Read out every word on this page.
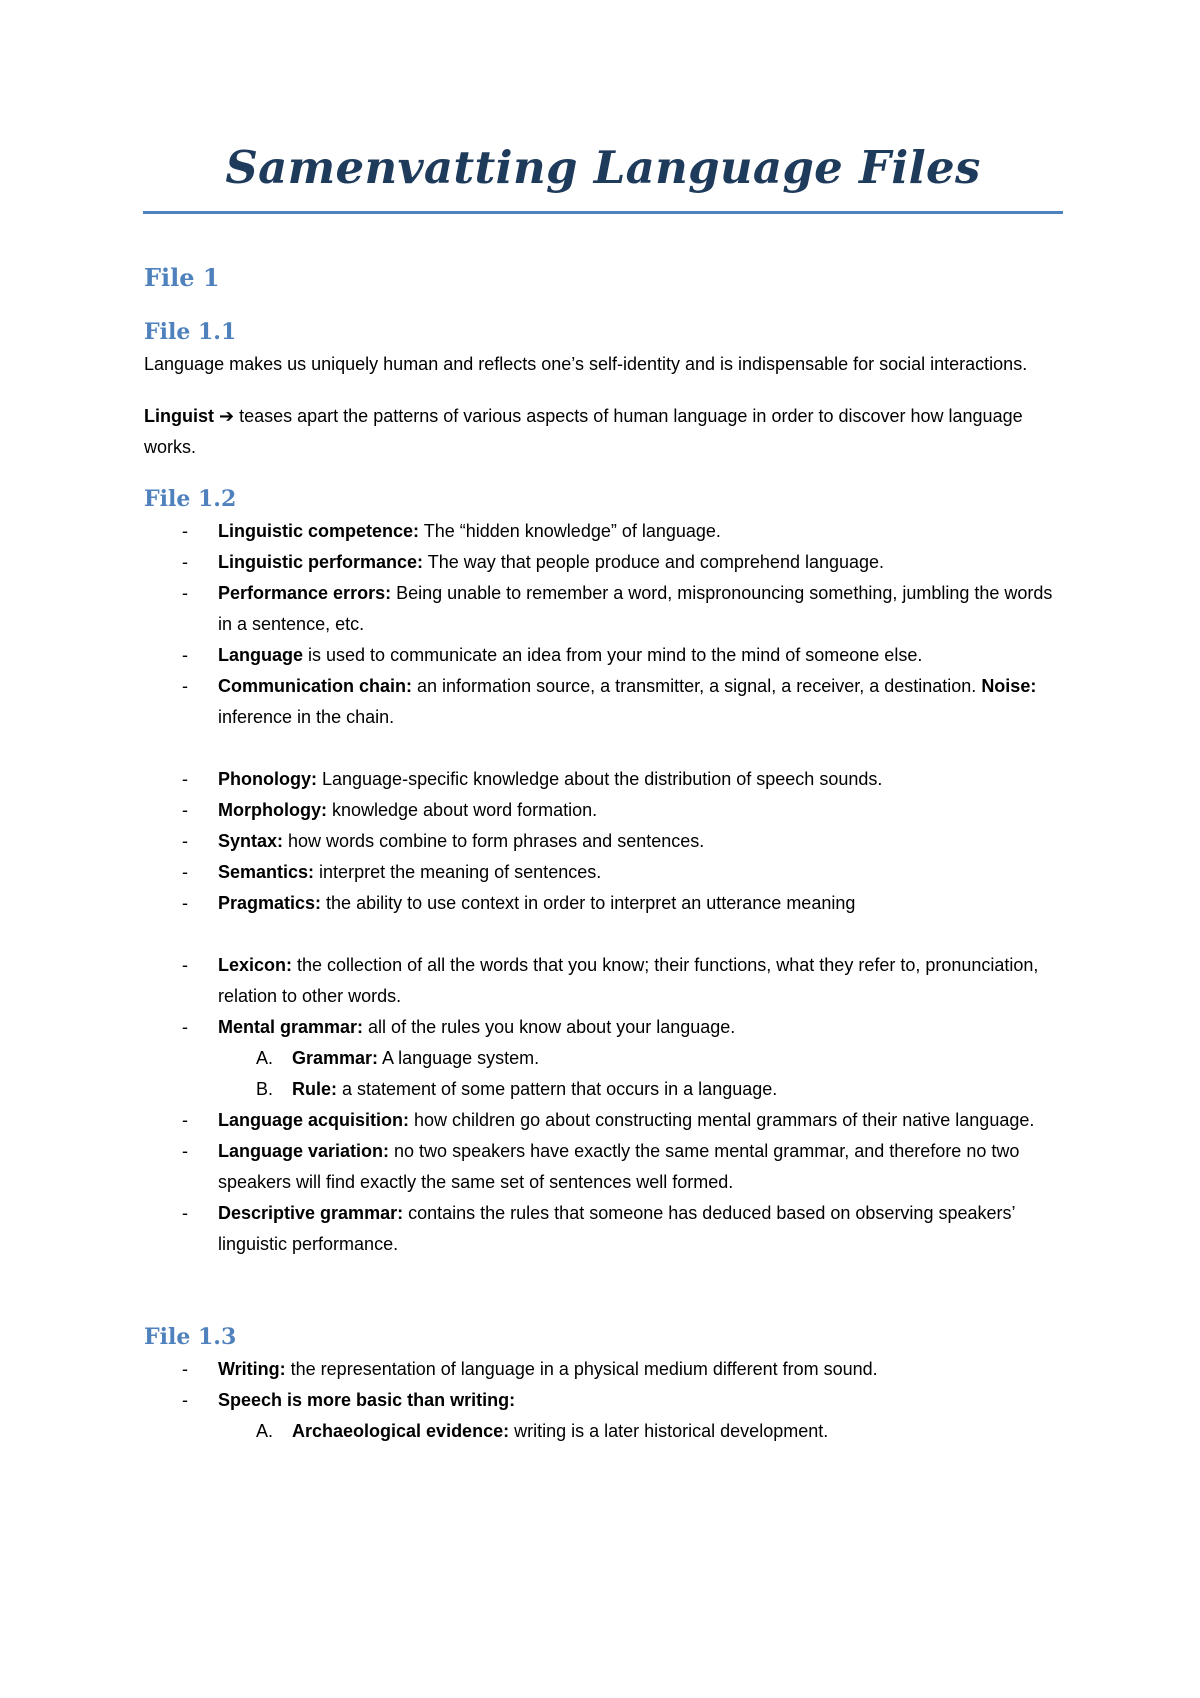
Samenvatting Language Files
File 1
File 1.1

Language makes us uniquely human and reflects one’s self-identity and is indispensable for social interactions.

Linguist ➔ teases apart the patterns of various aspects of human language in order to discover how language works.

File 1.2
- Linguistic competence: The “hidden knowledge” of language.
- Linguistic performance: The way that people produce and comprehend language.
- Performance errors: Being unable to remember a word, mispronouncing something, jumbling the words in a sentence, etc.
- Language is used to communicate an idea from your mind to the mind of someone else.
- Communication chain: an information source, a transmitter, a signal, a receiver, a destination. Noise: inference in the chain.
- Phonology: Language-specific knowledge about the distribution of speech sounds.
- Morphology: knowledge about word formation.
- Syntax: how words combine to form phrases and sentences.
- Semantics: interpret the meaning of sentences.
- Pragmatics: the ability to use context in order to interpret an utterance meaning
- Lexicon: the collection of all the words that you know; their functions, what they refer to, pronunciation, relation to other words.
- Mental grammar: all of the rules you know about your language.
A. Grammar: A language system.
B. Rule: a statement of some pattern that occurs in a language.
- Language acquisition: how children go about constructing mental grammars of their native language.
- Language variation: no two speakers have exactly the same mental grammar, and therefore no two speakers will find exactly the same set of sentences well formed.
- Descriptive grammar: contains the rules that someone has deduced based on observing speakers’ linguistic performance.
File 1.3
- Writing: the representation of language in a physical medium different from sound.
- Speech is more basic than writing:
A. Archaeological evidence: writing is a later historical development.
